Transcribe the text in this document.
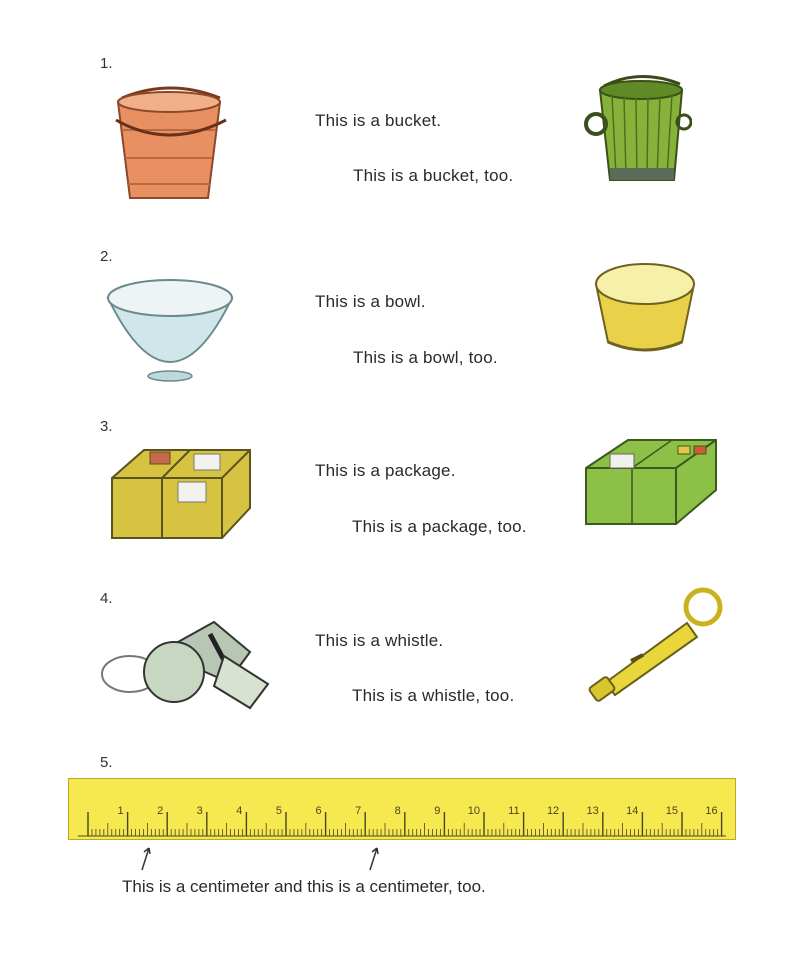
1.
This is a bucket.
This is a bucket, too.
2.
This is a bowl.
This is a bowl, too.
3.
This is a package.
This is a package, too.
4.
This is a whistle.
This is a whistle, too.
5.
1	2	3	4	5	6	7	8	9 10	11 12 13 14 15 16
This is a centimeter and this is a centimeter, too.
